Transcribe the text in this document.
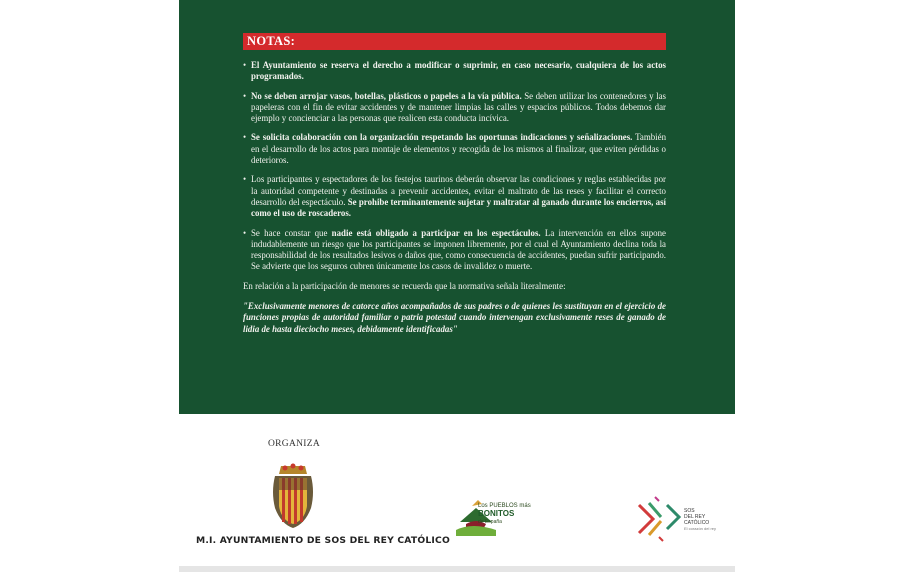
NOTAS:
• El Ayuntamiento se reserva el derecho a modificar o suprimir, en caso necesario, cualquiera de los actos programados.
• No se deben arrojar vasos, botellas, plásticos o papeles a la vía pública. Se deben utilizar los contenedores y las papeleras con el fin de evitar accidentes y de mantener limpias las calles y espacios públicos. Todos debemos dar ejemplo y concienciar a las personas que realicen esta conducta incívica.
• Se solicita colaboración con la organización respetando las oportunas indicaciones y señalizaciones. También en el desarrollo de los actos para montaje de elementos y recogida de los mismos al finalizar, que eviten pérdidas o deterioros.
• Los participantes y espectadores de los festejos taurinos deberán observar las condiciones y reglas establecidas por la autoridad competente y destinadas a prevenir accidentes, evitar el maltrato de las reses y facilitar el correcto desarrollo del espectáculo. Se prohibe terminantemente sujetar y maltratar al ganado durante los encierros, así como el uso de roscaderos.
• Se hace constar que nadie está obligado a participar en los espectáculos. La intervención en ellos supone indudablemente un riesgo que los participantes se imponen libremente, por el cual el Ayuntamiento declina toda la responsabilidad de los resultados lesivos o daños que, como consecuencia de accidentes, puedan sufrir participando. Se advierte que los seguros cubren únicamente los casos de invalidez o muerte.
En relación a la participación de menores se recuerda que la normativa señala literalmente:
"Exclusivamente menores de catorce años acompañados de sus padres o de quienes les sustituyan en el ejercicio de funciones propias de autoridad familiar o patria potestad cuando intervengan exclusivamente reses de ganado de lidia de hasta dieciocho meses, debidamente identificadas"
ORGANIZA
M.I. AYUNTAMIENTO DE SOS DEL REY CATÓLICO
Los PUEBLOS más
BONITOS
de España
SOS
DEL REY
CATÓLICO
El corazón del rey
